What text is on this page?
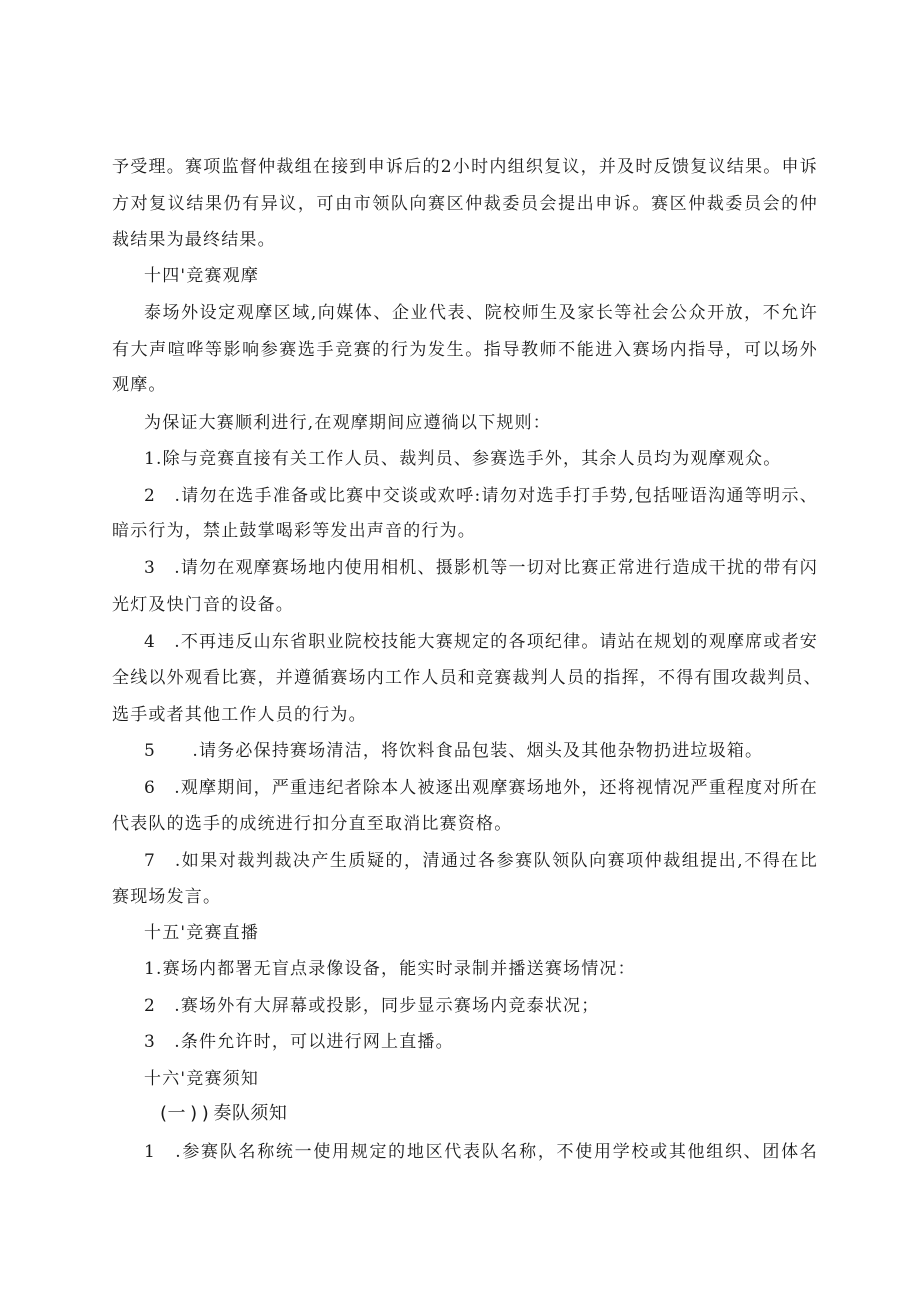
予受理。赛项监督仲裁组在接到申诉后的2小时内组织复议，并及时反馈复议结果。申诉
方对复议结果仍有异议，可由市领队向赛区仲裁委员会提出申诉。赛区仲裁委员会的仲
裁结果为最终结果。
十四'竞赛观摩
泰场外设定观摩区域,向媒体、企业代表、院校师生及家长等社会公众开放，不允许
有大声喧哗等影响参赛选手竞赛的行为发生。指导教师不能进入赛场内指导，可以场外
观摩。
为保证大赛顺利进行,在观摩期间应遵徜以下规则：
1.除与竞赛直接有关工作人员、裁判员、参赛选手外，其余人员均为观摩观众。
2　.请勿在选手准备或比赛中交谈或欢呼:请勿对选手打手势,包括哑语沟通等明示、
暗示行为，禁止鼓掌喝彩等发出声音的行为。
3　.请勿在观摩赛场地内使用相机、摄影机等一切对比赛正常进行造成干扰的带有闪
光灯及快门音的设备。
4　.不再违反山东省职业院校技能大赛规定的各项纪律。请站在规划的观摩席或者安
全线以外观看比赛，并遵循赛场内工作人员和竞赛裁判人员的指挥，不得有围攻裁判员、
选手或者其他工作人员的行为。
5　　.请务必保持赛场清洁，将饮料食品包装、烟头及其他杂物扔进垃圾箱。
6　.观摩期间，严重违纪者除本人被逐出观摩赛场地外，还将视情况严重程度对所在
代表队的选手的成统进行扣分直至取消比赛资格。
7　.如果对裁判裁决产生质疑的，清通过各参赛队领队向赛项仲裁组提出,不得在比
赛现场发言。
十五'竞赛直播
1.赛场内都署无盲点录像设备，能实时录制并播送赛场情况：
2　.赛场外有大屏幕或投影，同步显示赛场内竞泰状况；
3　.条件允许时，可以进行网上直播。
十六'竞赛须知
(一 ) ) 奏队须知
1　.参赛队名称统一使用规定的地区代表队名称，不使用学校或其他组织、团体名
